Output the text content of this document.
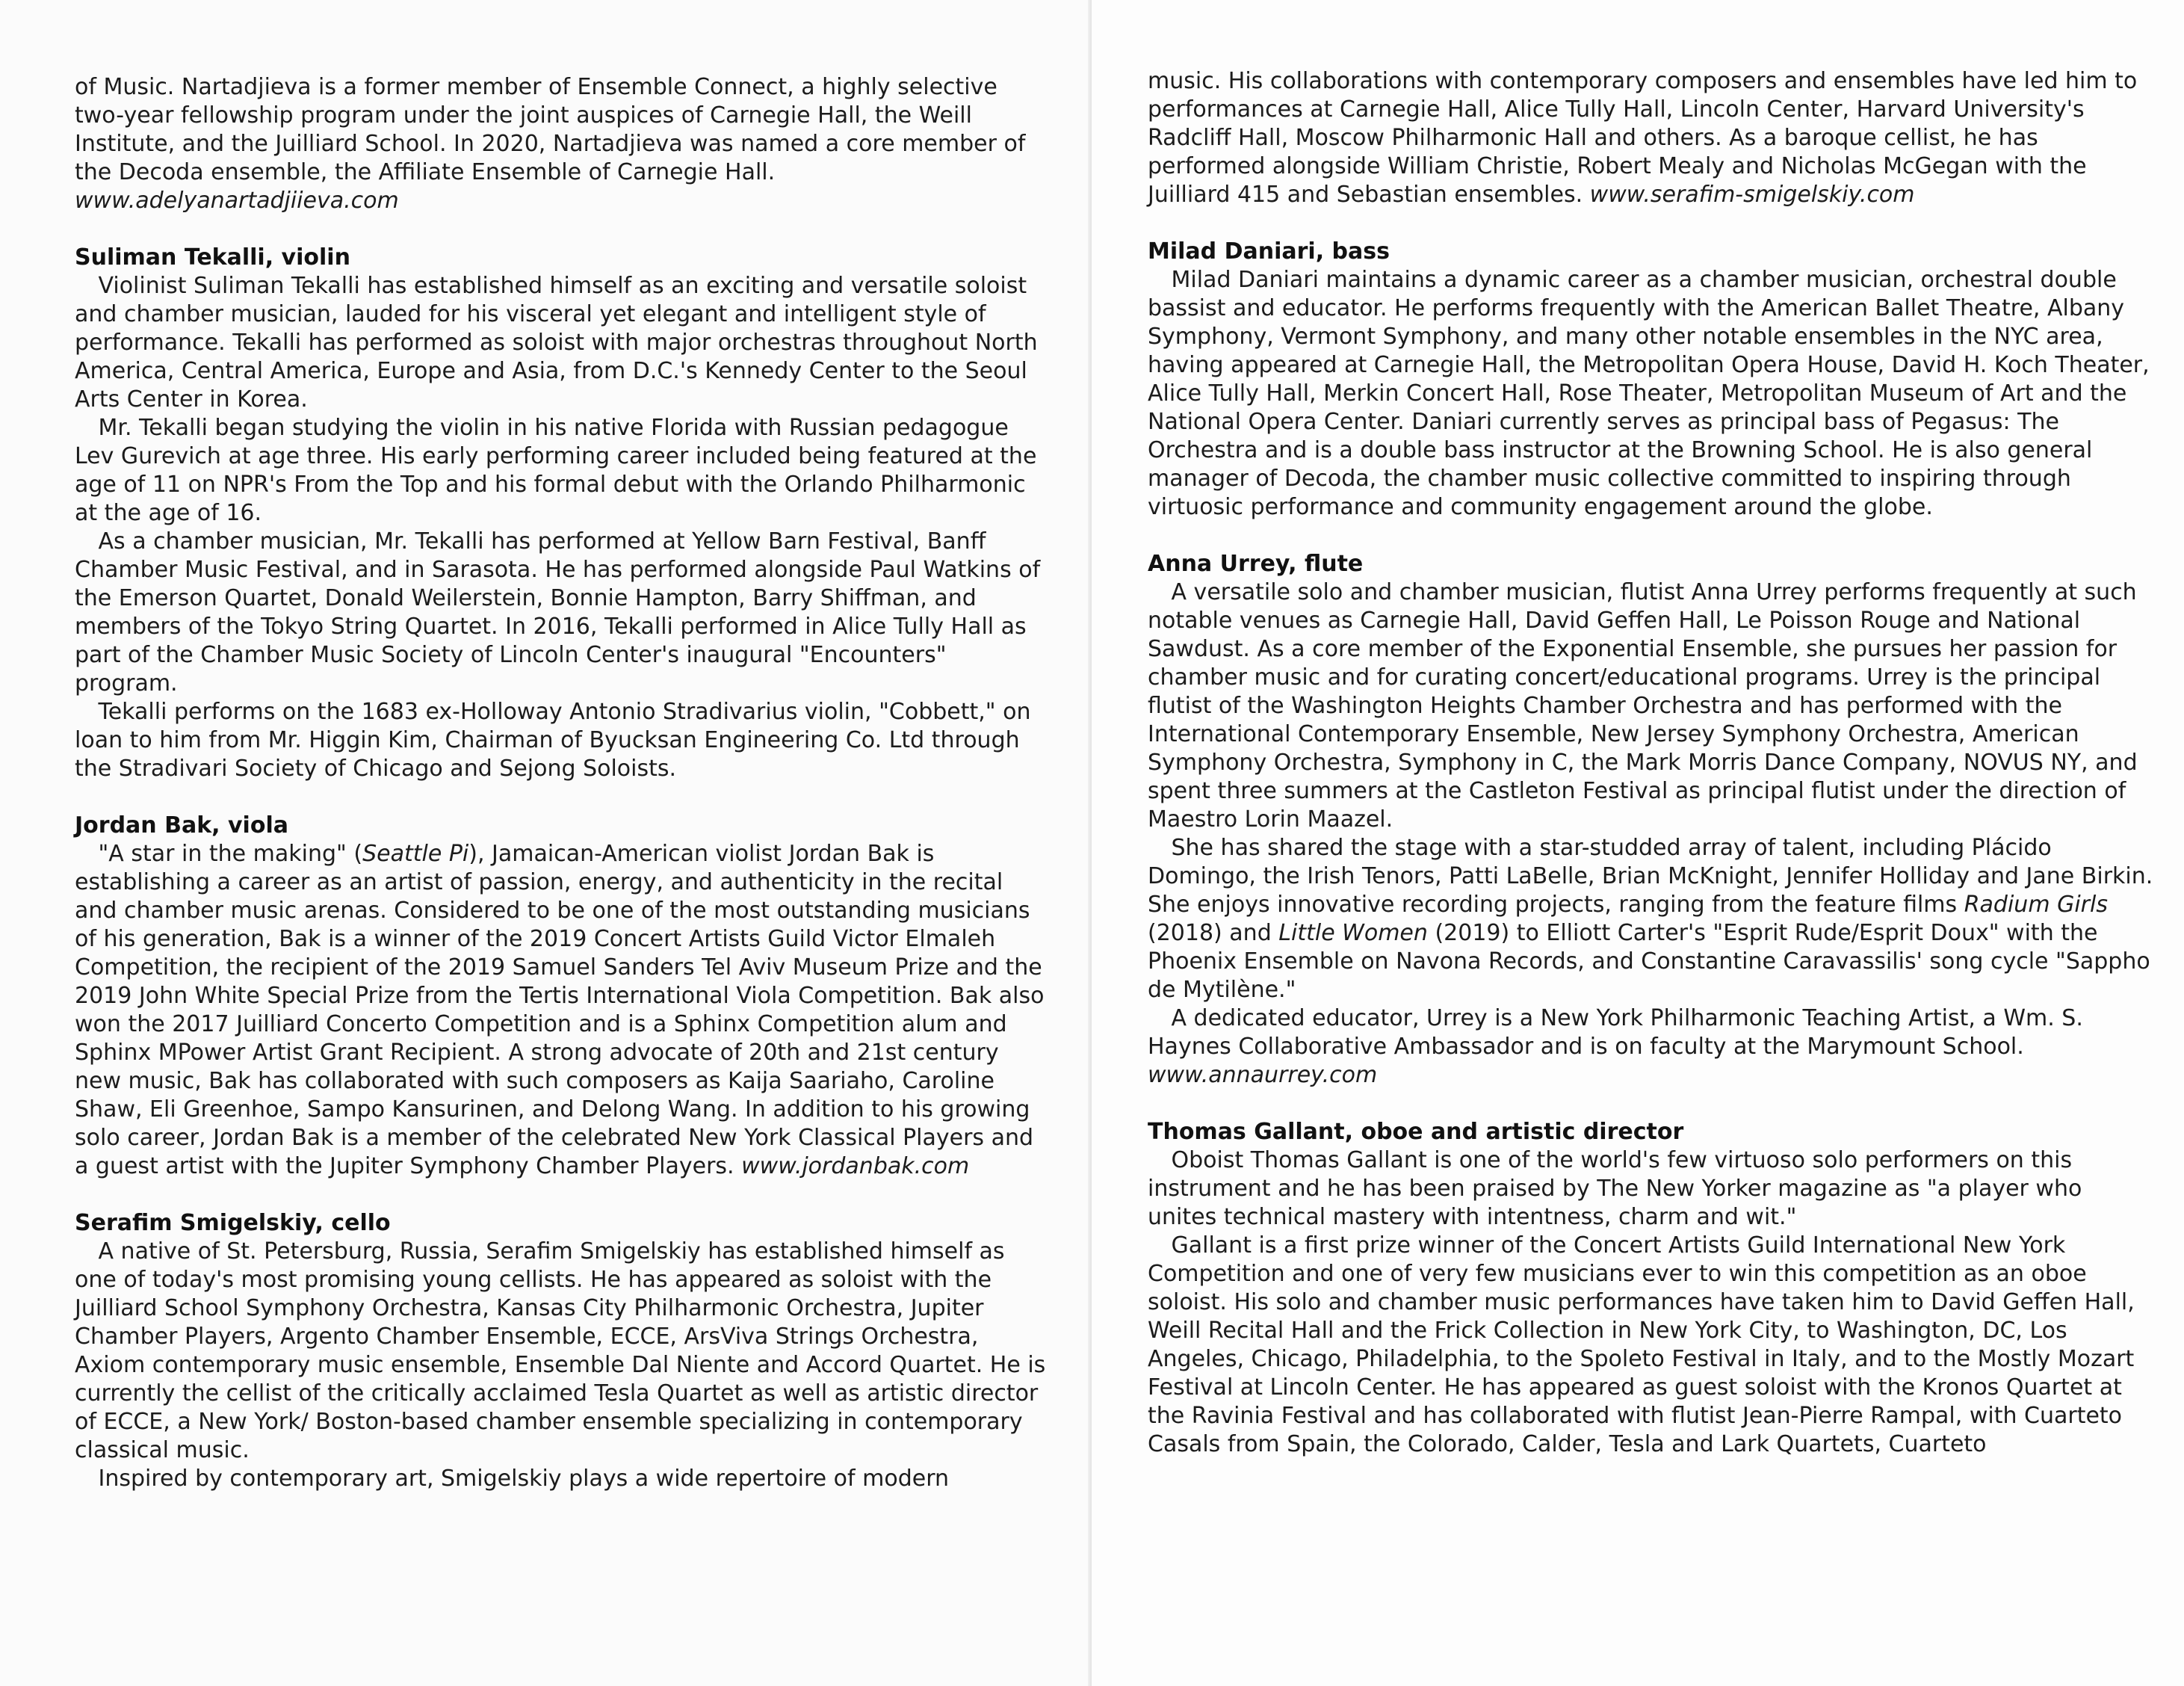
of Music. Nartadjieva is a former member of Ensemble Connect, a highly selective two-year fellowship program under the joint auspices of Carnegie Hall, the Weill Institute, and the Juilliard School. In 2020, Nartadjieva was named a core member of the Decoda ensemble, the Affiliate Ensemble of Carnegie Hall. www.adelyanartadjiieva.com

Suliman Tekalli, violin

Violinist Suliman Tekalli has established himself as an exciting and versatile soloist and chamber musician, lauded for his visceral yet elegant and intelligent style of performance. Tekalli has performed as soloist with major orchestras throughout North America, Central America, Europe and Asia, from D.C.'s Kennedy Center to the Seoul Arts Center in Korea.

Mr. Tekalli began studying the violin in his native Florida with Russian pedagogue Lev Gurevich at age three. His early performing career included being featured at the age of 11 on NPR's From the Top and his formal debut with the Orlando Philharmonic at the age of 16.

As a chamber musician, Mr. Tekalli has performed at Yellow Barn Festival, Banff Chamber Music Festival, and in Sarasota. He has performed alongside Paul Watkins of the Emerson Quartet, Donald Weilerstein, Bonnie Hampton, Barry Shiffman, and members of the Tokyo String Quartet. In 2016, Tekalli performed in Alice Tully Hall as part of the Chamber Music Society of Lincoln Center's inaugural "Encounters" program.

Tekalli performs on the 1683 ex-Holloway Antonio Stradivarius violin, "Cobbett," on loan to him from Mr. Higgin Kim, Chairman of Byucksan Engineering Co. Ltd through the Stradivari Society of Chicago and Sejong Soloists.

Jordan Bak, viola

"A star in the making" (Seattle Pi), Jamaican-American violist Jordan Bak is establishing a career as an artist of passion, energy, and authenticity in the recital and chamber music arenas. Considered to be one of the most outstanding musicians of his generation, Bak is a winner of the 2019 Concert Artists Guild Victor Elmaleh Competition, the recipient of the 2019 Samuel Sanders Tel Aviv Museum Prize and the 2019 John White Special Prize from the Tertis International Viola Competition. Bak also won the 2017 Juilliard Concerto Competition and is a Sphinx Competition alum and Sphinx MPower Artist Grant Recipient. A strong advocate of 20th and 21st century new music, Bak has collaborated with such composers as Kaija Saariaho, Caroline Shaw, Eli Greenhoe, Sampo Kansurinen, and Delong Wang. In addition to his growing solo career, Jordan Bak is a member of the celebrated New York Classical Players and a guest artist with the Jupiter Symphony Chamber Players. www.jordanbak.com

Serafim Smigelskiy, cello

A native of St. Petersburg, Russia, Serafim Smigelskiy has established himself as one of today's most promising young cellists. He has appeared as soloist with the Juilliard School Symphony Orchestra, Kansas City Philharmonic Orchestra, Jupiter Chamber Players, Argento Chamber Ensemble, ECCE, ArsViva Strings Orchestra, Axiom contemporary music ensemble, Ensemble Dal Niente and Accord Quartet. He is currently the cellist of the critically acclaimed Tesla Quartet as well as artistic director of ECCE, a New York/ Boston-based chamber ensemble specializing in contemporary classical music.

Inspired by contemporary art, Smigelskiy plays a wide repertoire of modern

music. His collaborations with contemporary composers and ensembles have led him to performances at Carnegie Hall, Alice Tully Hall, Lincoln Center, Harvard University's Radcliff Hall, Moscow Philharmonic Hall and others. As a baroque cellist, he has performed alongside William Christie, Robert Mealy and Nicholas McGegan with the Juilliard 415 and Sebastian ensembles. www.serafim-smigelskiy.com

Milad Daniari, bass

Milad Daniari maintains a dynamic career as a chamber musician, orchestral double bassist and educator. He performs frequently with the American Ballet Theatre, Albany Symphony, Vermont Symphony, and many other notable ensembles in the NYC area, having appeared at Carnegie Hall, the Metropolitan Opera House, David H. Koch Theater, Alice Tully Hall, Merkin Concert Hall, Rose Theater, Metropolitan Museum of Art and the National Opera Center. Daniari currently serves as principal bass of Pegasus: The Orchestra and is a double bass instructor at the Browning School. He is also general manager of Decoda, the chamber music collective committed to inspiring through virtuosic performance and community engagement around the globe.

Anna Urrey, flute

A versatile solo and chamber musician, flutist Anna Urrey performs frequently at such notable venues as Carnegie Hall, David Geffen Hall, Le Poisson Rouge and National Sawdust. As a core member of the Exponential Ensemble, she pursues her passion for chamber music and for curating concert/educational programs. Urrey is the principal flutist of the Washington Heights Chamber Orchestra and has performed with the International Contemporary Ensemble, New Jersey Symphony Orchestra, American Symphony Orchestra, Symphony in C, the Mark Morris Dance Company, NOVUS NY, and spent three summers at the Castleton Festival as principal flutist under the direction of Maestro Lorin Maazel.

She has shared the stage with a star-studded array of talent, including Plácido Domingo, the Irish Tenors, Patti LaBelle, Brian McKnight, Jennifer Holliday and Jane Birkin. She enjoys innovative recording projects, ranging from the feature films Radium Girls (2018) and Little Women (2019) to Elliott Carter's "Esprit Rude/Esprit Doux" with the Phoenix Ensemble on Navona Records, and Constantine Caravassilis' song cycle "Sappho de Mytilène."

A dedicated educator, Urrey is a New York Philharmonic Teaching Artist, a Wm. S. Haynes Collaborative Ambassador and is on faculty at the Marymount School. www.annaurrey.com

Thomas Gallant, oboe and artistic director

Oboist Thomas Gallant is one of the world's few virtuoso solo performers on this instrument and he has been praised by The New Yorker magazine as "a player who unites technical mastery with intentness, charm and wit."

Gallant is a first prize winner of the Concert Artists Guild International New York Competition and one of very few musicians ever to win this competition as an oboe soloist. His solo and chamber music performances have taken him to David Geffen Hall, Weill Recital Hall and the Frick Collection in New York City, to Washington, DC, Los Angeles, Chicago, Philadelphia, to the Spoleto Festival in Italy, and to the Mostly Mozart Festival at Lincoln Center. He has appeared as guest soloist with the Kronos Quartet at the Ravinia Festival and has collaborated with flutist Jean-Pierre Rampal, with Cuarteto Casals from Spain, the Colorado, Calder, Tesla and Lark Quartets, Cuarteto
